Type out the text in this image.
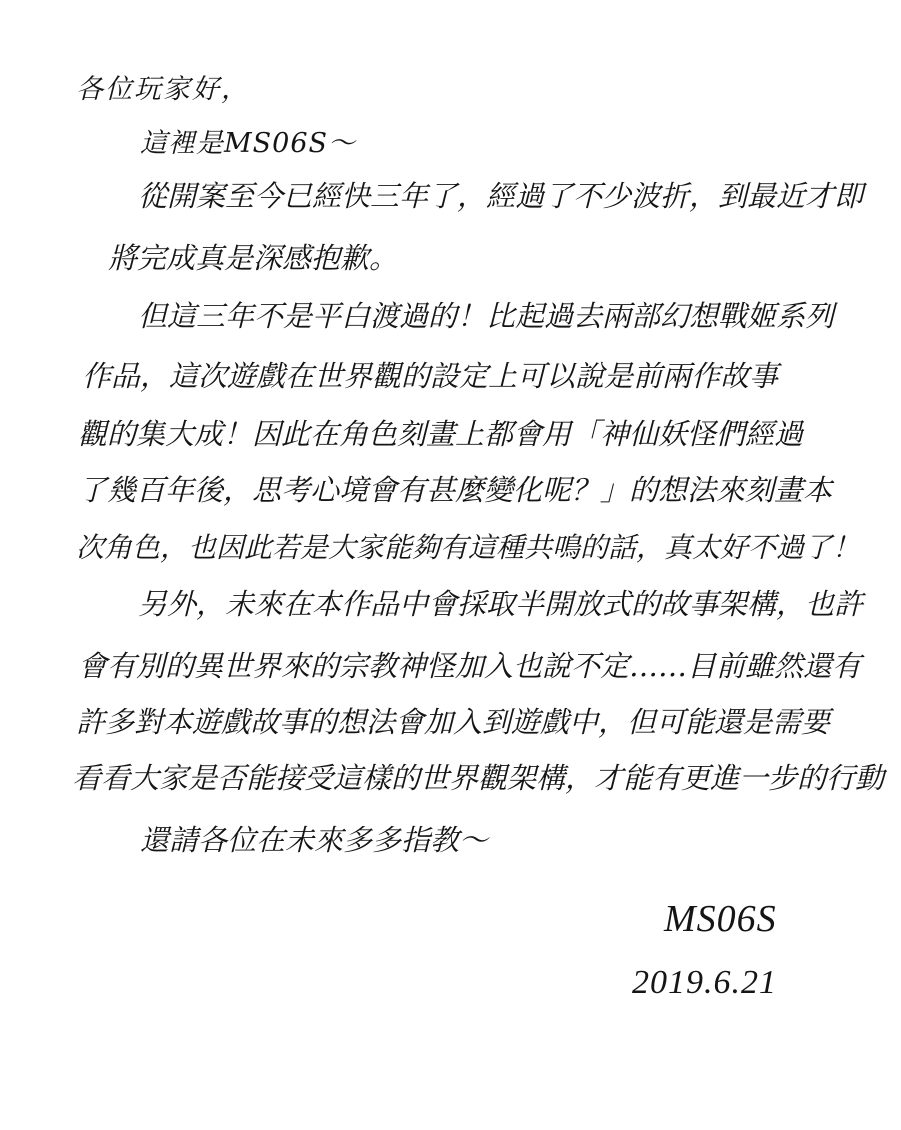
各位玩家好，

這裡是MS06S～

從開案至今已經快三年了，經過了不少波折，到最近才即

將完成真是深感抱歉。

但這三年不是平白渡過的！比起過去兩部幻想戰姬系列

作品，這次遊戲在世界觀的設定上可以說是前兩作故事

觀的集大成！因此在角色刻畫上都會用「神仙妖怪們經過

了幾百年後，思考心境會有甚麼變化呢？」的想法來刻畫本

次角色，也因此若是大家能夠有這種共鳴的話，真太好不過了！

另外，未來在本作品中會採取半開放式的故事架構，也許

會有別的異世界來的宗教神怪加入也說不定……目前雖然還有

許多對本遊戲故事的想法會加入到遊戲中，但可能還是需要

看看大家是否能接受這樣的世界觀架構，才能有更進一步的行動

還請各位在未來多多指教～

MS06S

2019.6.21
